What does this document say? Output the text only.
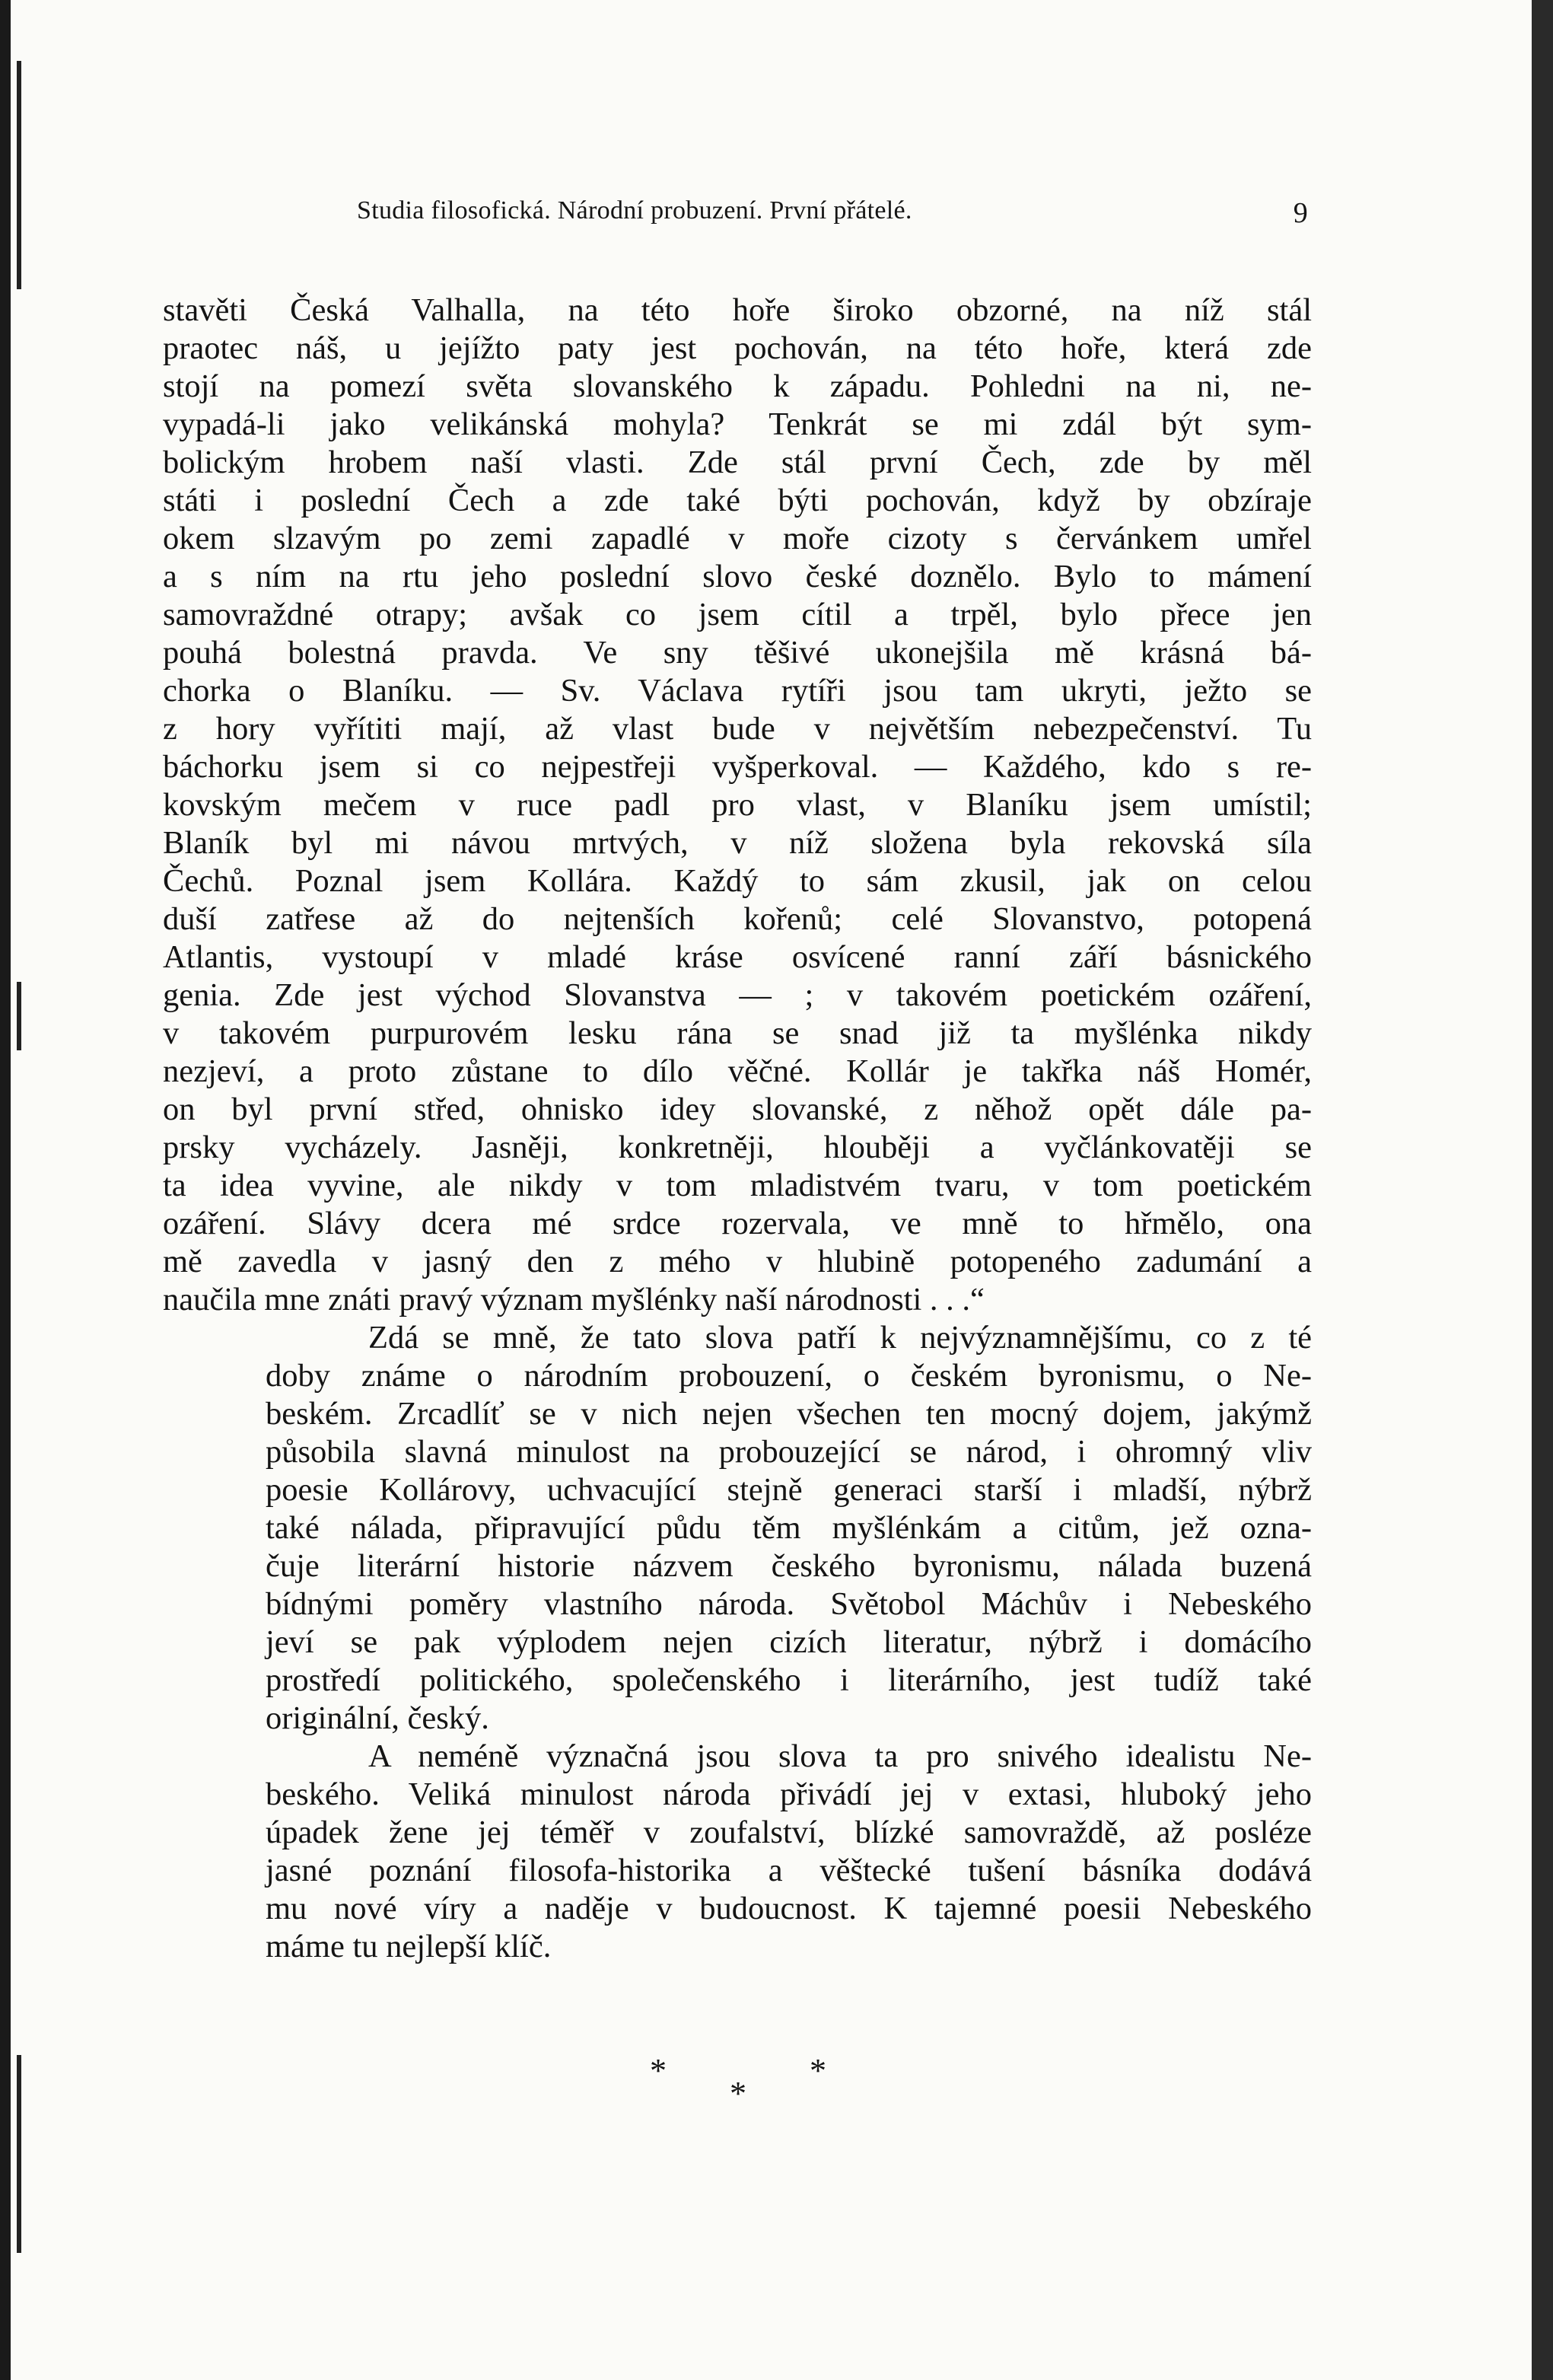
Studia filosofická. Národní probuzení. První přátelé.	9
stavěti Česká Valhalla, na této hoře široko obzorné, na níž stál
praotec náš, u jejížto paty jest pochován, na této hoře, která zde
stojí na pomezí světa slovanského k západu. Pohledni na ni, ne-
vypadá-li jako velikánská mohyla? Tenkrát se mi zdál být sym-
bolickým hrobem naší vlasti. Zde stál první Čech, zde by měl
státi i poslední Čech a zde také býti pochován, když by obzíraje
okem slzavým po zemi zapadlé v moře cizoty s červánkem umřel
a s ním na rtu jeho poslední slovo české doznělo. Bylo to mámení
samovraždné otrapy; avšak co jsem cítil a trpěl, bylo přece jen
pouhá bolestná pravda. Ve sny těšivé ukonejšila mě krásná bá-
chorka o Blaníku. — Sv. Václava rytíři jsou tam ukryti, ježto se
z hory vyřítiti mají, až vlast bude v největším nebezpečenství. Tu
báchorku jsem si co nejpestřeji vyšperkoval. — Každého, kdo s re-
kovským mečem v ruce padl pro vlast, v Blaníku jsem umístil;
Blaník byl mi návou mrtvých, v níž složena byla rekovská síla
Čechů. Poznal jsem Kollára. Každý to sám zkusil, jak on celou
duší zatřese až do nejtenších kořenů; celé Slovanstvo, potopená
Atlantis, vystoupí v mladé kráse osvícené ranní září básnického
genia. Zde jest východ Slovanstva — ; v takovém poetickém ozáření,
v takovém purpurovém lesku rána se snad již ta myšlénka nikdy
nezjeví, a proto zůstane to dílo věčné. Kollár je takřka náš Homér,
on byl první střed, ohnisko idey slovanské, z něhož opět dále pa-
prsky vycházely. Jasněji, konkretněji, hlouběji a vyčlánkovatěji se
ta idea vyvine, ale nikdy v tom mladistvém tvaru, v tom poetickém
ozáření. Slávy dcera mé srdce rozervala, ve mně to hřmělo, ona
mě zavedla v jasný den z mého v hlubině potopeného zadumání a
naučila mne znáti pravý význam myšlénky naší národnosti . . .“
Zdá se mně, že tato slova patří k nejvýznamnějšímu, co z té
doby známe o národním probouzení, o českém byronismu, o Ne-
beském. Zrcadlíť se v nich nejen všechen ten mocný dojem, jakýmž
působila slavná minulost na probouzející se národ, i ohromný vliv
poesie Kollárovy, uchvacující stejně generaci starší i mladší, nýbrž
také nálada, připravující půdu těm myšlénkám a citům, jež ozna-
čuje literární historie názvem českého byronismu, nálada buzená
bídnými poměry vlastního národa. Světobol Máchův i Nebeského
jeví se pak výplodem nejen cizích literatur, nýbrž i domácího
prostředí politického, společenského i literárního, jest tudíž také
originální, český.
A neméně význačná jsou slova ta pro snivého idealistu Ne-
beského. Veliká minulost národa přivádí jej v extasi, hluboký jeho
úpadek žene jej téměř v zoufalství, blízké samovraždě, až posléze
jasné poznání filosofa-historika a věštecké tušení básníka dodává
mu nové víry a naděje v budoucnost. K tajemné poesii Nebeského
máme tu nejlepší klíč.
*
*
*
